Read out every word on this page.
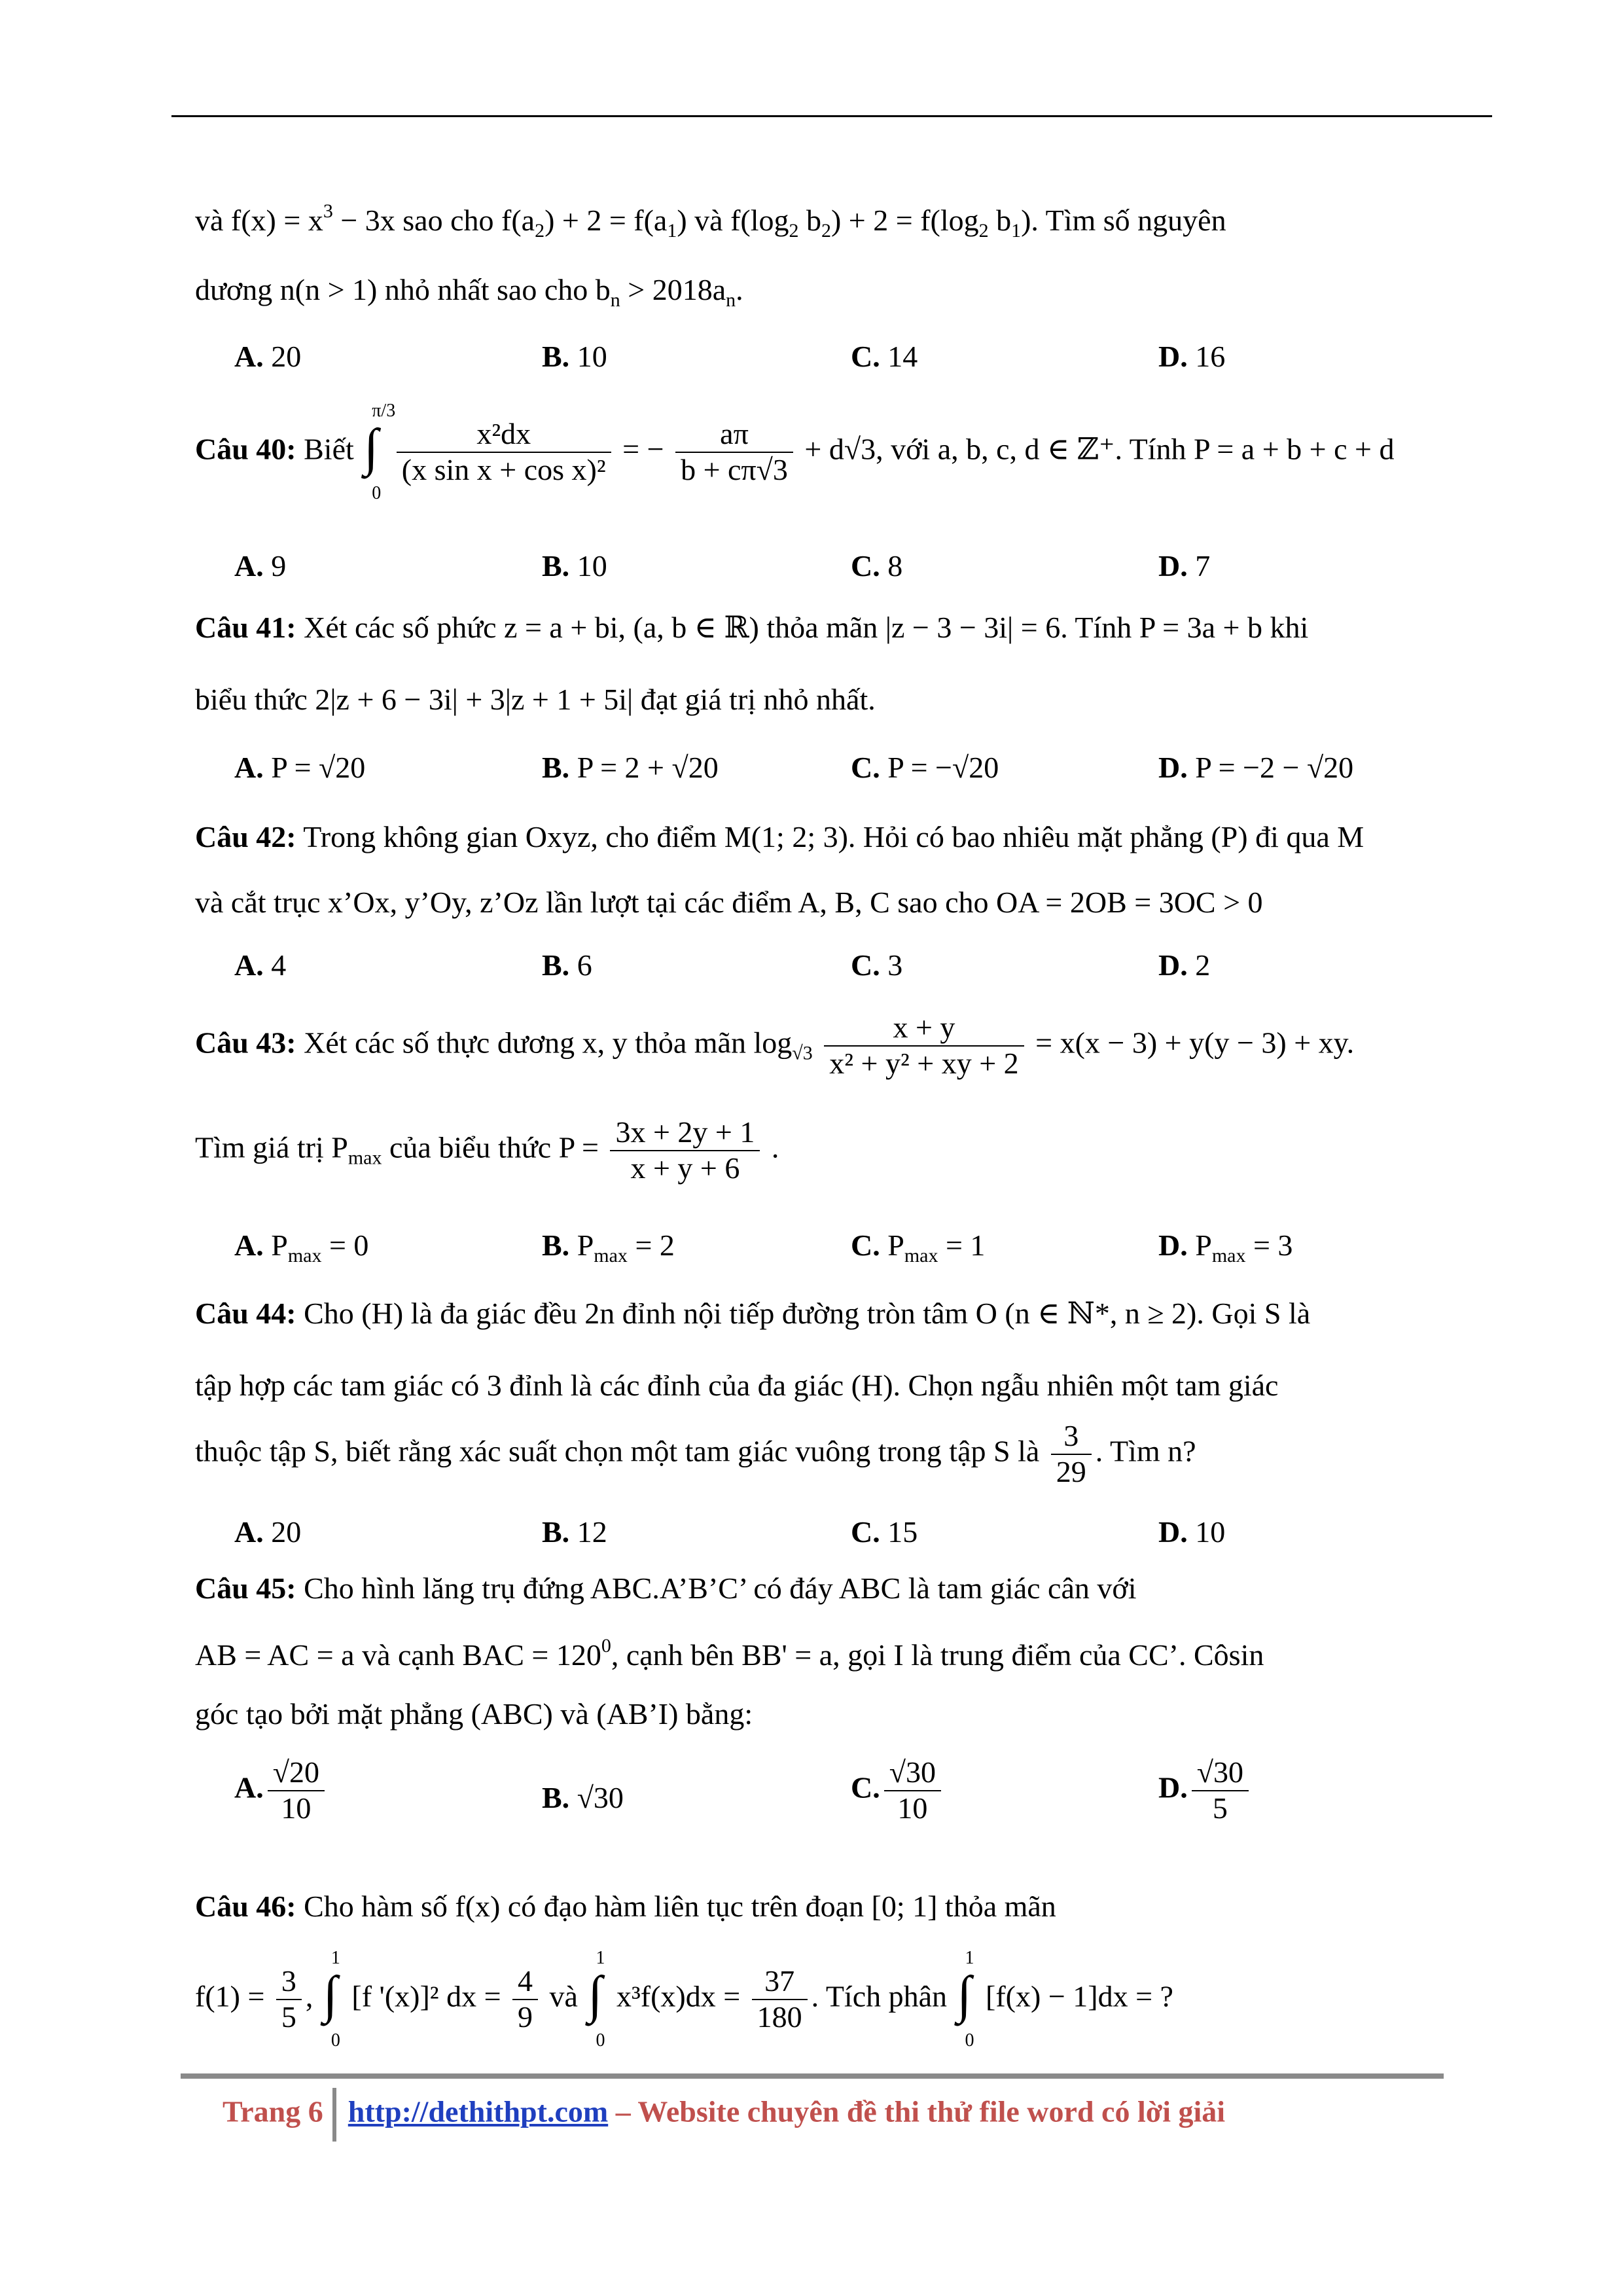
và $f(x) = x^3 - 3x$ sao cho $f(a_2) + 2 = f(a_1)$ và $f(\log_2$ $b_2) + 2 = f(\log_2$ $b_1$). Tìm số nguyên
dương n(n > 1) nhỏ nhất sao cho $b_n > 2018a_n$.
A. 20	B. 10	C. 14	D. 16
Câu 40: Biết
π/3
∫
0

$\frac{\text{x²dx}}{\text{(x sin x + cos x)²}}$ = − $\frac{a\pi}{b + c\pi√3} + d√3$, với a, b, c, d ∈ ℤ⁺. Tính P = a + b + c + d
A. 9	B. 10	C. 8	D. 7
Câu 41: Xét các số phức z = a + bi, (a, b ∈ ℝ) thỏa mãn |z − 3 − 3i| = 6. Tính P = 3a + b khi
biểu thức 2|z + 6 − 3i| + 3|z + 1 + 5i| đạt giá trị nhỏ nhất.
A. P = √20	B. P = 2 + √20	C. P = −√20	D. P = −2 − √20
Câu 42: Trong không gian Oxyz, cho điểm M(1; 2; 3). Hỏi có bao nhiêu mặt phẳng (P) đi qua M
và cắt trục x’Ox, y’Oy, z’Oz lần lượt tại các điểm A, B, C sao cho OA = 2OB = 3OC > 0
A. 4	B. 6	C. 3	D. 2
Câu 43: Xét các số thực dương x, y thỏa mãn $\log_{√3} \frac{x + y}{\text{x² + y² + xy + 2}} = x(x - 3) + y(y - 3)$ + xy.
Tìm giá trị $P_{max}$ của biểu thức $P = \frac{3x + 2y + 1}{x + y + 6}$ .
A. $P_{max} = 0$	B. $P_{max} = 2$	C. $P_{max} = 1$	D. $P_{max} = 3$
Câu 44: Cho (H) là đa giác đều 2n đỉnh nội tiếp đường tròn tâm O (n ∈ ℕ*, n ≥ 2). Gọi S là
tập hợp các tam giác có 3 đỉnh là các đỉnh của đa giác (H). Chọn ngẫu nhiên một tam giác
thuộc tập S, biết rằng xác suất chọn một tam giác vuông trong tập S là $\frac{3}{29}$ . Tìm n?
A. 20	B. 12	C. 15	D. 10
Câu 45: Cho hình lăng trụ đứng ABC.A’B’C’ có đáy ABC là tam giác cân với
AB = AC = a và cạnh BAC = $120^0$, cạnh bên BB' = a, gọi I là trung điểm của CC’. Côsin
góc tạo bởi mặt phẳng (ABC) và (AB’I) bằng:
A. $\frac{√20}{10}$	B. √30	C. $\frac{√30}{10}$	D. $\frac{√30}{5}$
Câu 46: Cho hàm số f(x) có đạo hàm liên tục trên đoạn [0; 1] thỏa mãn
$f(1) = \frac{3}{5}$ ,
1
∫
0
[f '(x)]² dx = $\frac{4}{9}$ và
1
∫
0
$x^3f(x)dx = \frac{37}{180}$ . Tích phân
1
∫
0
[f(x) − 1]dx = ?
Trang 6 http://dethithpt.com – Website chuyên đề thi thử file word có lời giải
